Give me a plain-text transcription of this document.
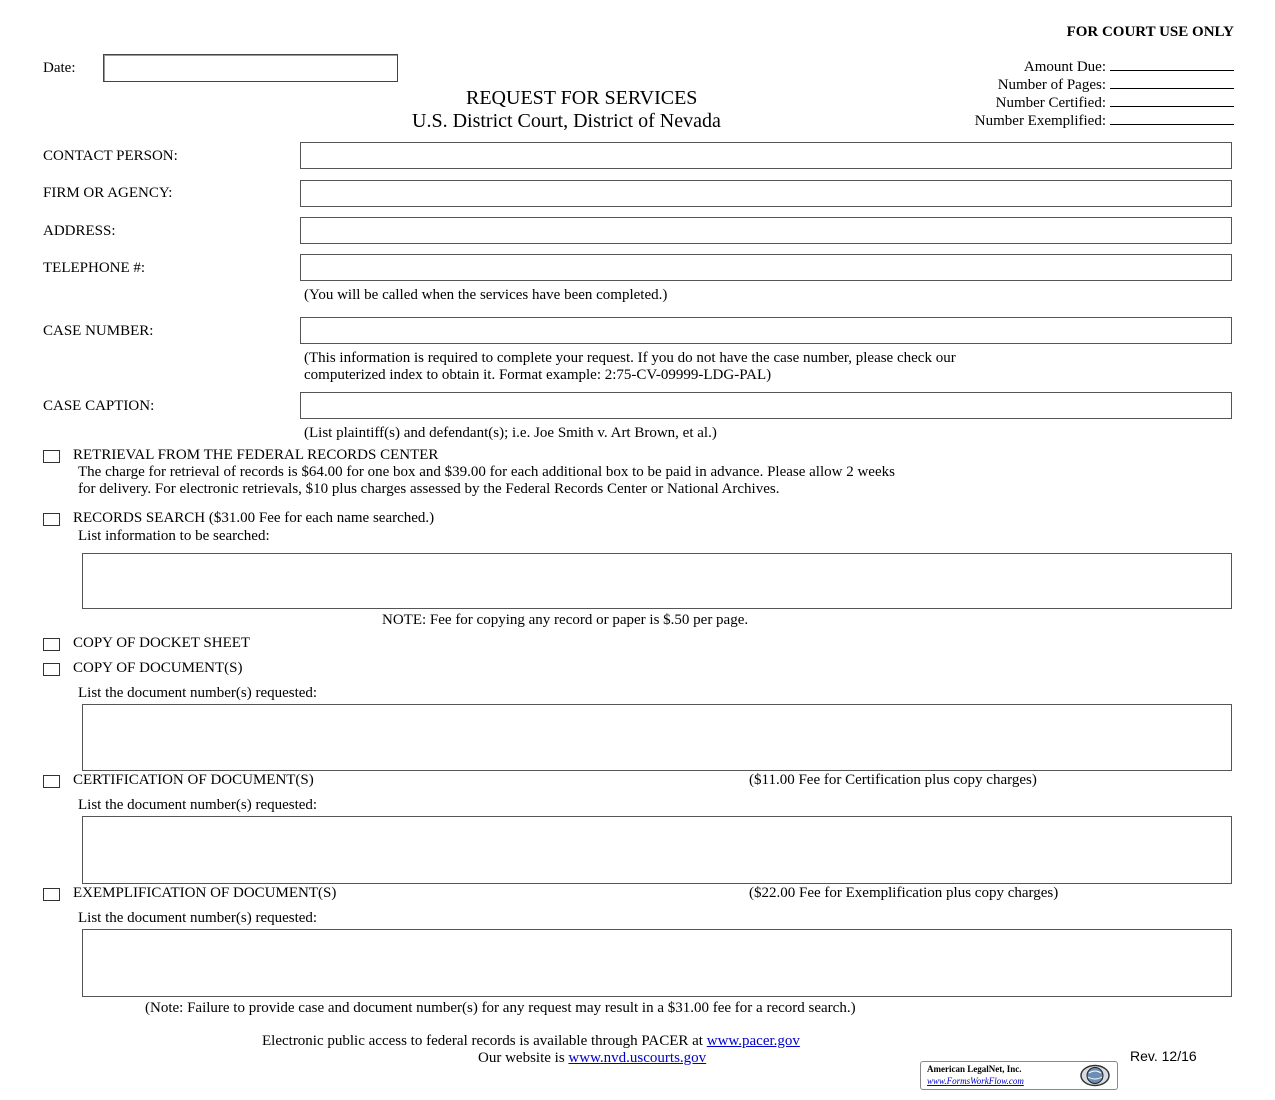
FOR COURT USE ONLY
Amount Due:
Number of Pages:
Number Certified:
Number Exemplified:
Date:
REQUEST FOR SERVICES
U.S. District Court, District of Nevada
CONTACT PERSON:
FIRM OR AGENCY:
ADDRESS:
TELEPHONE #:
(You will be called when the services have been completed.)
CASE NUMBER:
(This information is required to complete your request. If you do not have the case number, please check our
computerized index to obtain it. Format example: 2:75-CV-09999-LDG-PAL)
CASE CAPTION:
(List plaintiff(s) and defendant(s); i.e. Joe Smith v. Art Brown, et al.)
RETRIEVAL FROM THE FEDERAL RECORDS CENTER
The charge for retrieval of records is $64.00 for one box and $39.00 for each additional box to be paid in advance. Please allow 2 weeks
for delivery. For electronic retrievals, $10 plus charges assessed by the Federal Records Center or National Archives.
RECORDS SEARCH ($31.00 Fee for each name searched.)
List information to be searched:
NOTE: Fee for copying any record or paper is $.50 per page.
COPY OF DOCKET SHEET
COPY OF DOCUMENT(S)
List the document number(s) requested:
CERTIFICATION OF DOCUMENT(S)	($11.00 Fee for Certification plus copy charges)
List the document number(s) requested:
EXEMPLIFICATION OF DOCUMENT(S)	($22.00 Fee for Exemplification plus copy charges)
List the document number(s) requested:
(Note: Failure to provide case and document number(s) for any request may result in a $31.00 fee for a record search.)
Electronic public access to federal records is available through PACER at www.pacer.gov
Our website is www.nvd.uscourts.gov	Rev. 12/16
American LegalNet, Inc.
www.FormsWorkFlow.com
